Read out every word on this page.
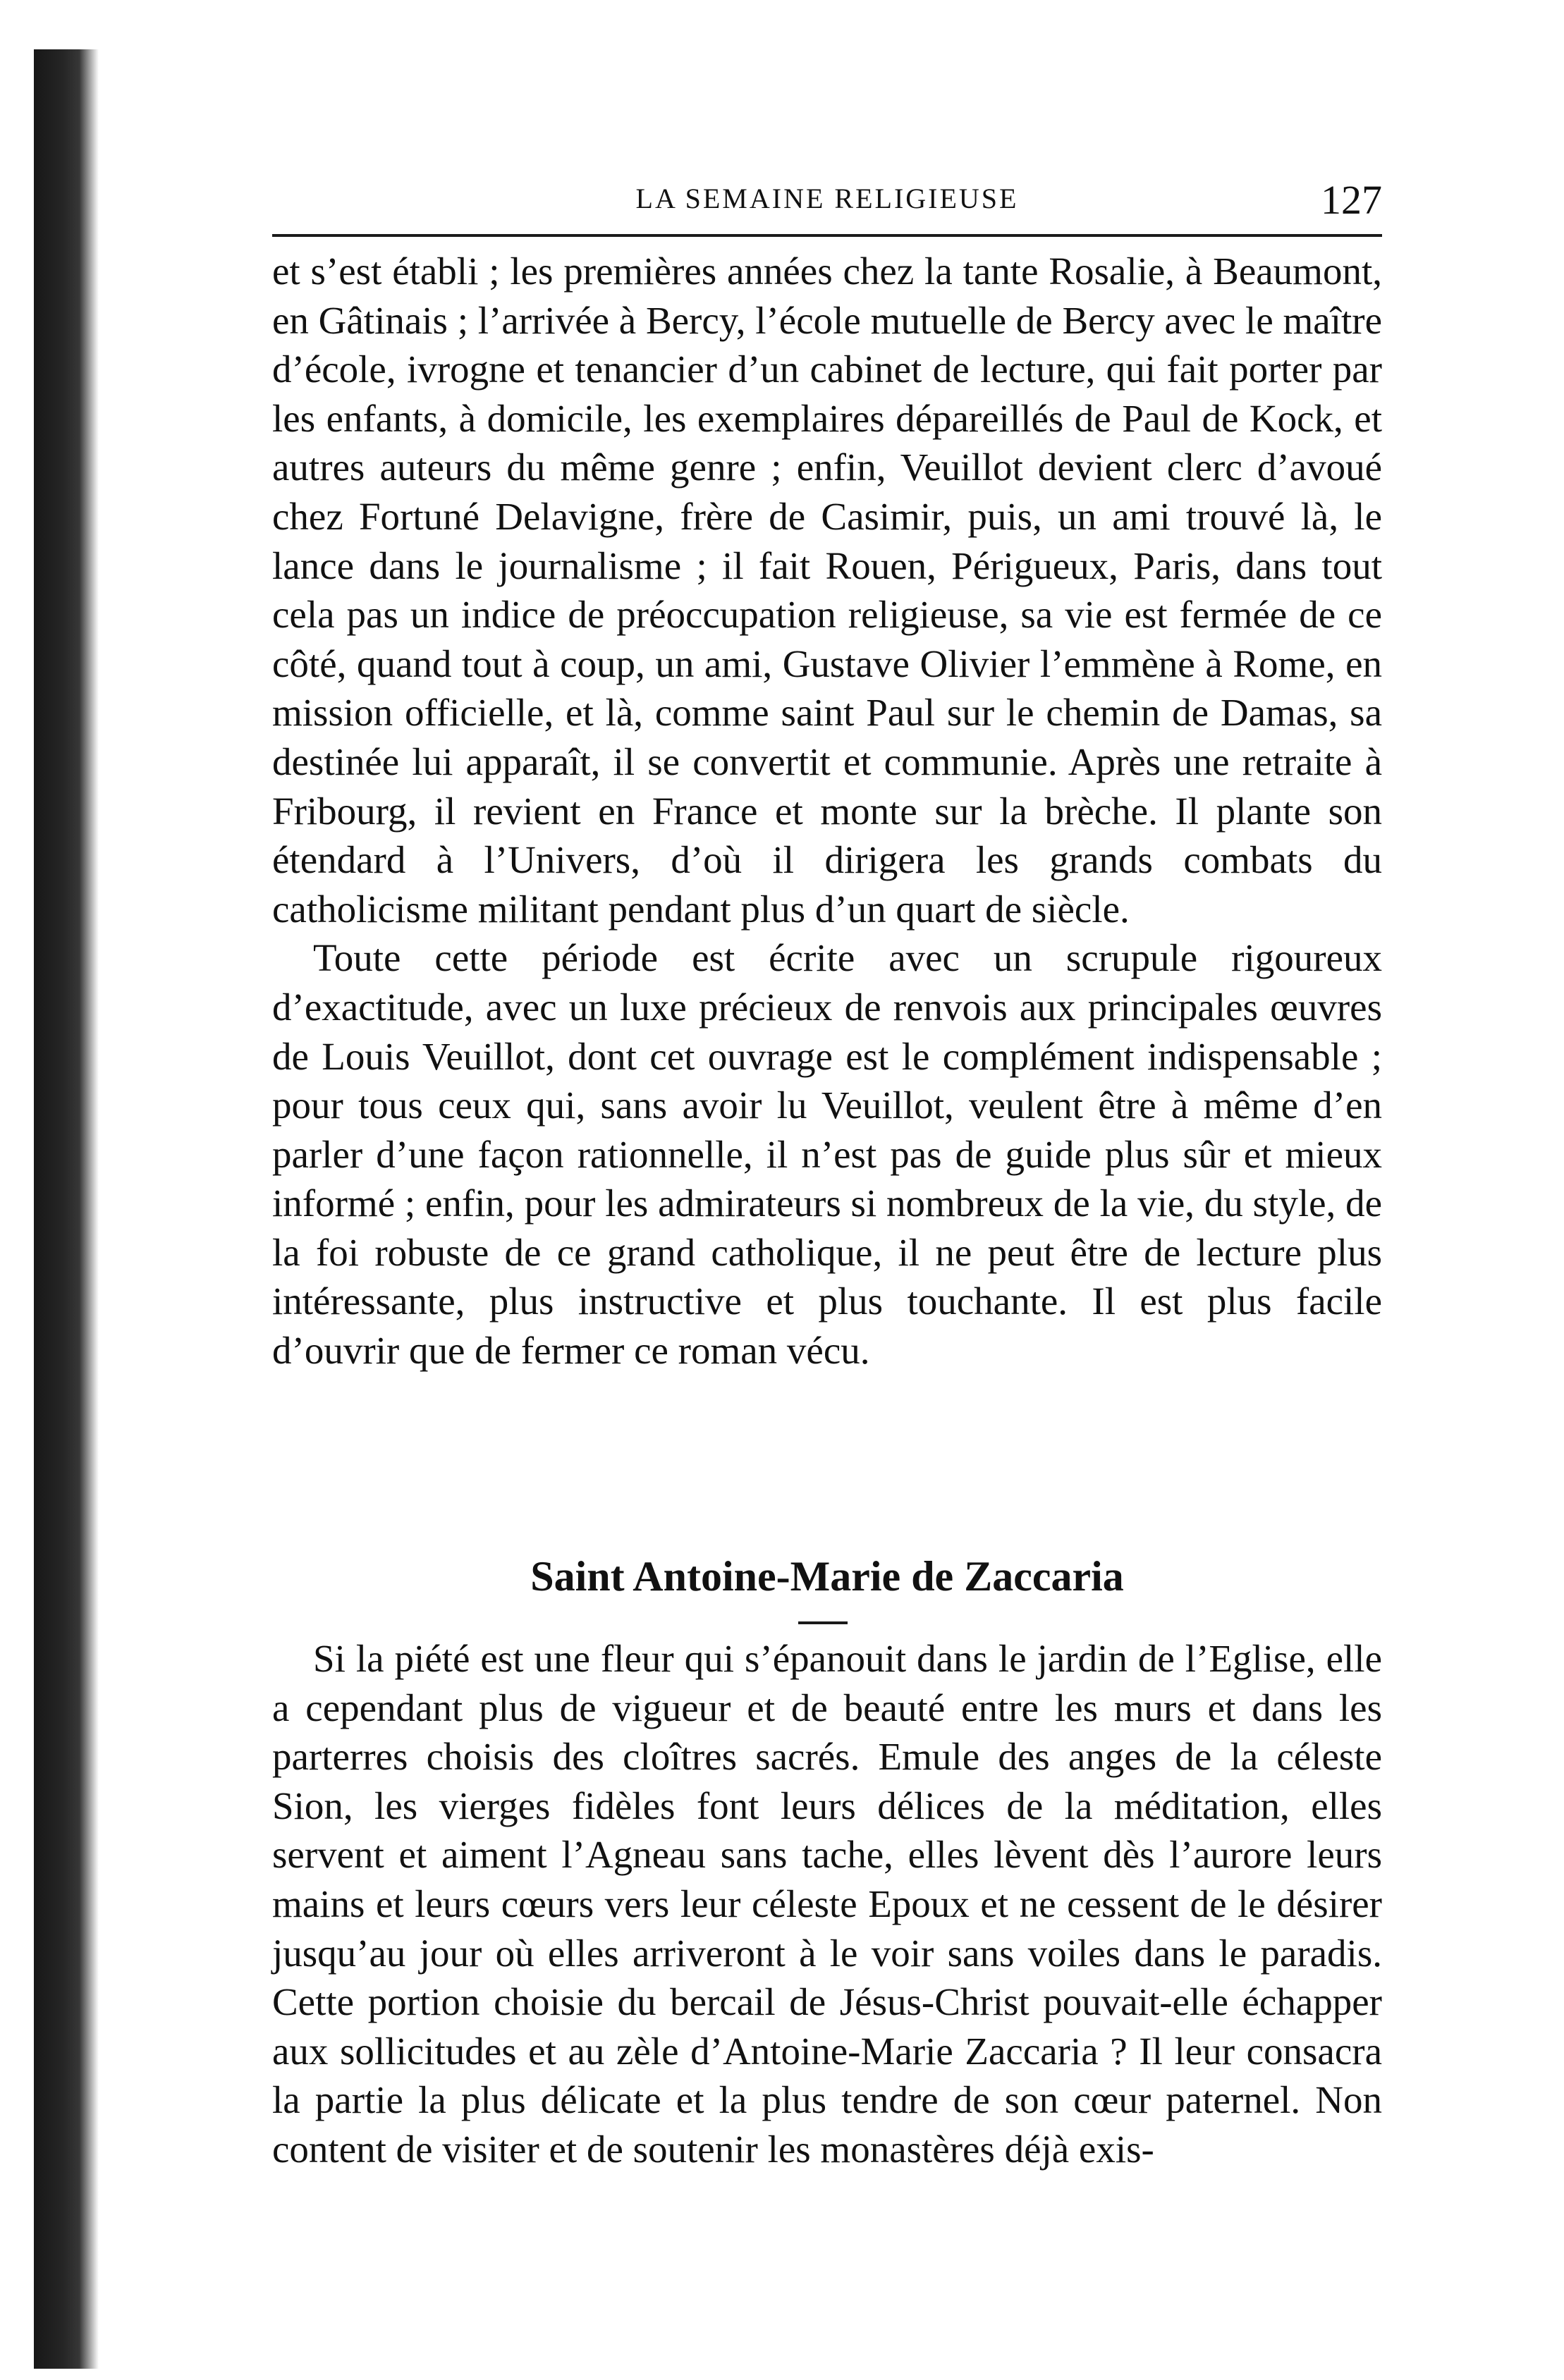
LA SEMAINE RELIGIEUSE	127

et s’est établi ; les premières années chez la tante Rosalie, à Beaumont, en Gâtinais ; l’arrivée à Bercy, l’école mutuelle de Bercy avec le maître d’école, ivrogne et tenancier d’un cabinet de lecture, qui fait porter par les enfants, à domicile, les exemplaires dépareillés de Paul de Kock, et autres auteurs du même genre ; enfin, Veuillot devient clerc d’avoué chez Fortuné Delavigne, frère de Casimir, puis, un ami trouvé là, le lance dans le journalisme ; il fait Rouen, Périgueux, Paris, dans tout cela pas un indice de préoccupation religieuse, sa vie est fermée de ce côté, quand tout à coup, un ami, Gustave Olivier l’emmène à Rome, en mission officielle, et là, comme saint Paul sur le chemin de Damas, sa destinée lui apparaît, il se convertit et communie. Après une retraite à Fribourg, il revient en France et monte sur la brèche. Il plante son étendard à l’Univers, d’où il dirigera les grands combats du catholicisme militant pendant plus d’un quart de siècle.

Toute cette période est écrite avec un scrupule rigoureux d’exactitude, avec un luxe précieux de renvois aux principales œuvres de Louis Veuillot, dont cet ouvrage est le complément indispensable ; pour tous ceux qui, sans avoir lu Veuillot, veulent être à même d’en parler d’une façon rationnelle, il n’est pas de guide plus sûr et mieux informé ; enfin, pour les admirateurs si nombreux de la vie, du style, de la foi robuste de ce grand catholique, il ne peut être de lecture plus intéressante, plus instructive et plus touchante. Il est plus facile d’ouvrir que de fermer ce roman vécu.

Saint Antoine-Marie de Zaccaria

Si la piété est une fleur qui s’épanouit dans le jardin de l’Eglise, elle a cependant plus de vigueur et de beauté entre les murs et dans les parterres choisis des cloîtres sacrés. Emule des anges de la céleste Sion, les vierges fidèles font leurs délices de la méditation, elles servent et aiment l’Agneau sans tache, elles lèvent dès l’aurore leurs mains et leurs cœurs vers leur céleste Epoux et ne cessent de le désirer jusqu’au jour où elles arriveront à le voir sans voiles dans le paradis. Cette portion choisie du bercail de Jésus-Christ pouvait-elle échapper aux sollicitudes et au zèle d’Antoine-Marie Zaccaria ? Il leur consacra la partie la plus délicate et la plus tendre de son cœur paternel. Non content de visiter et de soutenir les monastères déjà exis-
